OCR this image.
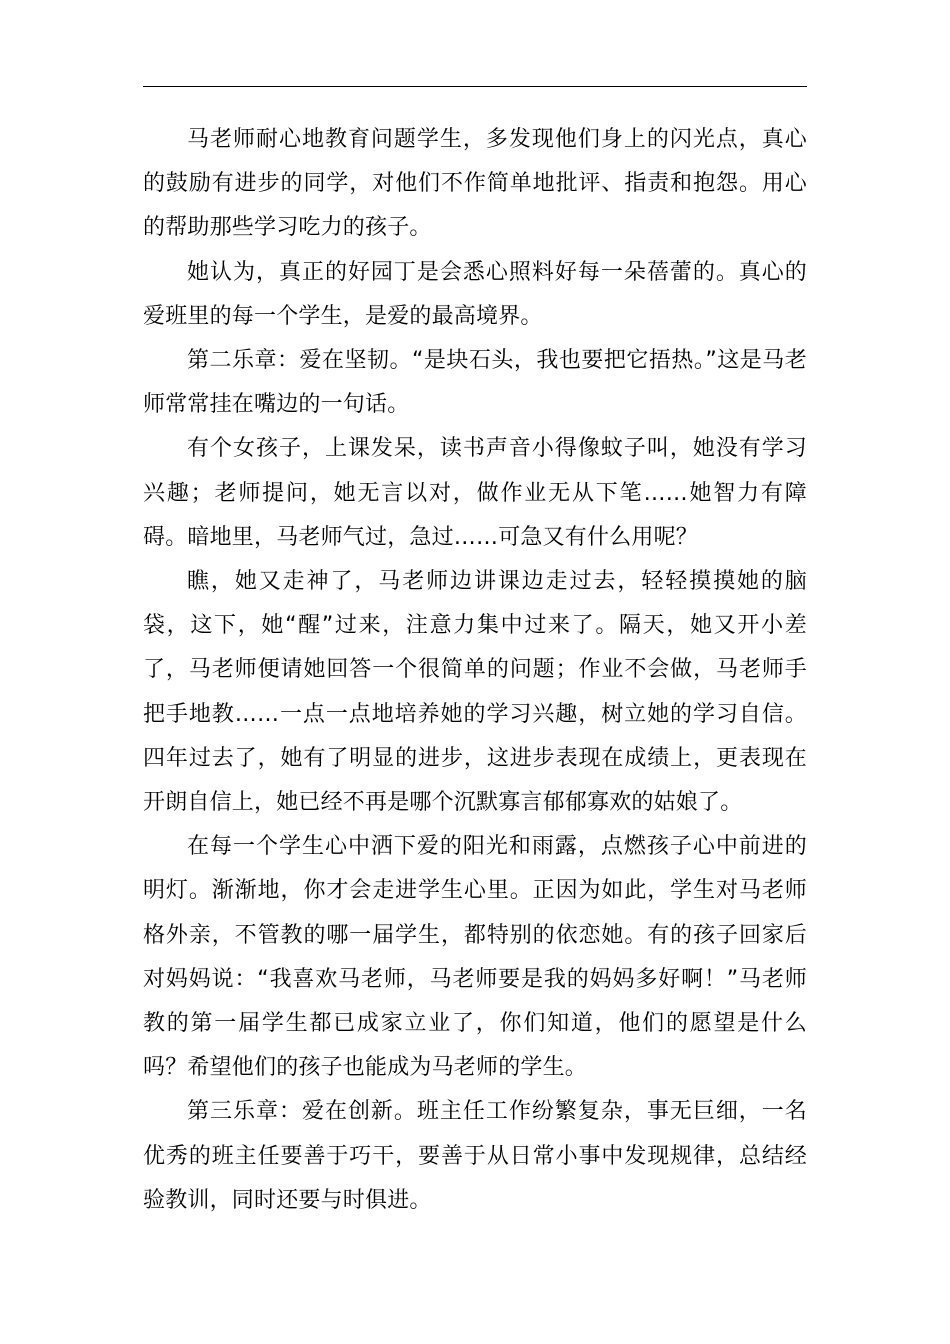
马老师耐心地教育问题学生，多发现他们身上的闪光点，真心的鼓励有进步的同学，对他们不作简单地批评、指责和抱怨。用心的帮助那些学习吃力的孩子。

她认为，真正的好园丁是会悉心照料好每一朵蓓蕾的。真心的爱班里的每一个学生，是爱的最高境界。

第二乐章：爱在坚韧。“是块石头，我也要把它捂热。”这是马老师常常挂在嘴边的一句话。

有个女孩子，上课发呆，读书声音小得像蚊子叫，她没有学习兴趣；老师提问，她无言以对，做作业无从下笔……她智力有障碍。暗地里，马老师气过，急过……可急又有什么用呢？

瞧，她又走神了，马老师边讲课边走过去，轻轻摸摸她的脑袋，这下，她“醒”过来，注意力集中过来了。隔天，她又开小差了，马老师便请她回答一个很简单的问题；作业不会做，马老师手把手地教……一点一点地培养她的学习兴趣，树立她的学习自信。四年过去了，她有了明显的进步，这进步表现在成绩上，更表现在开朗自信上，她已经不再是哪个沉默寡言郁郁寡欢的姑娘了。

在每一个学生心中洒下爱的阳光和雨露，点燃孩子心中前进的明灯。渐渐地，你才会走进学生心里。正因为如此，学生对马老师格外亲，不管教的哪一届学生，都特别的依恋她。有的孩子回家后对妈妈说：“我喜欢马老师，马老师要是我的妈妈多好啊！”马老师教的第一届学生都已成家立业了，你们知道，他们的愿望是什么吗？希望他们的孩子也能成为马老师的学生。

第三乐章：爱在创新。班主任工作纷繁复杂，事无巨细，一名优秀的班主任要善于巧干，要善于从日常小事中发现规律，总结经验教训，同时还要与时俱进。
